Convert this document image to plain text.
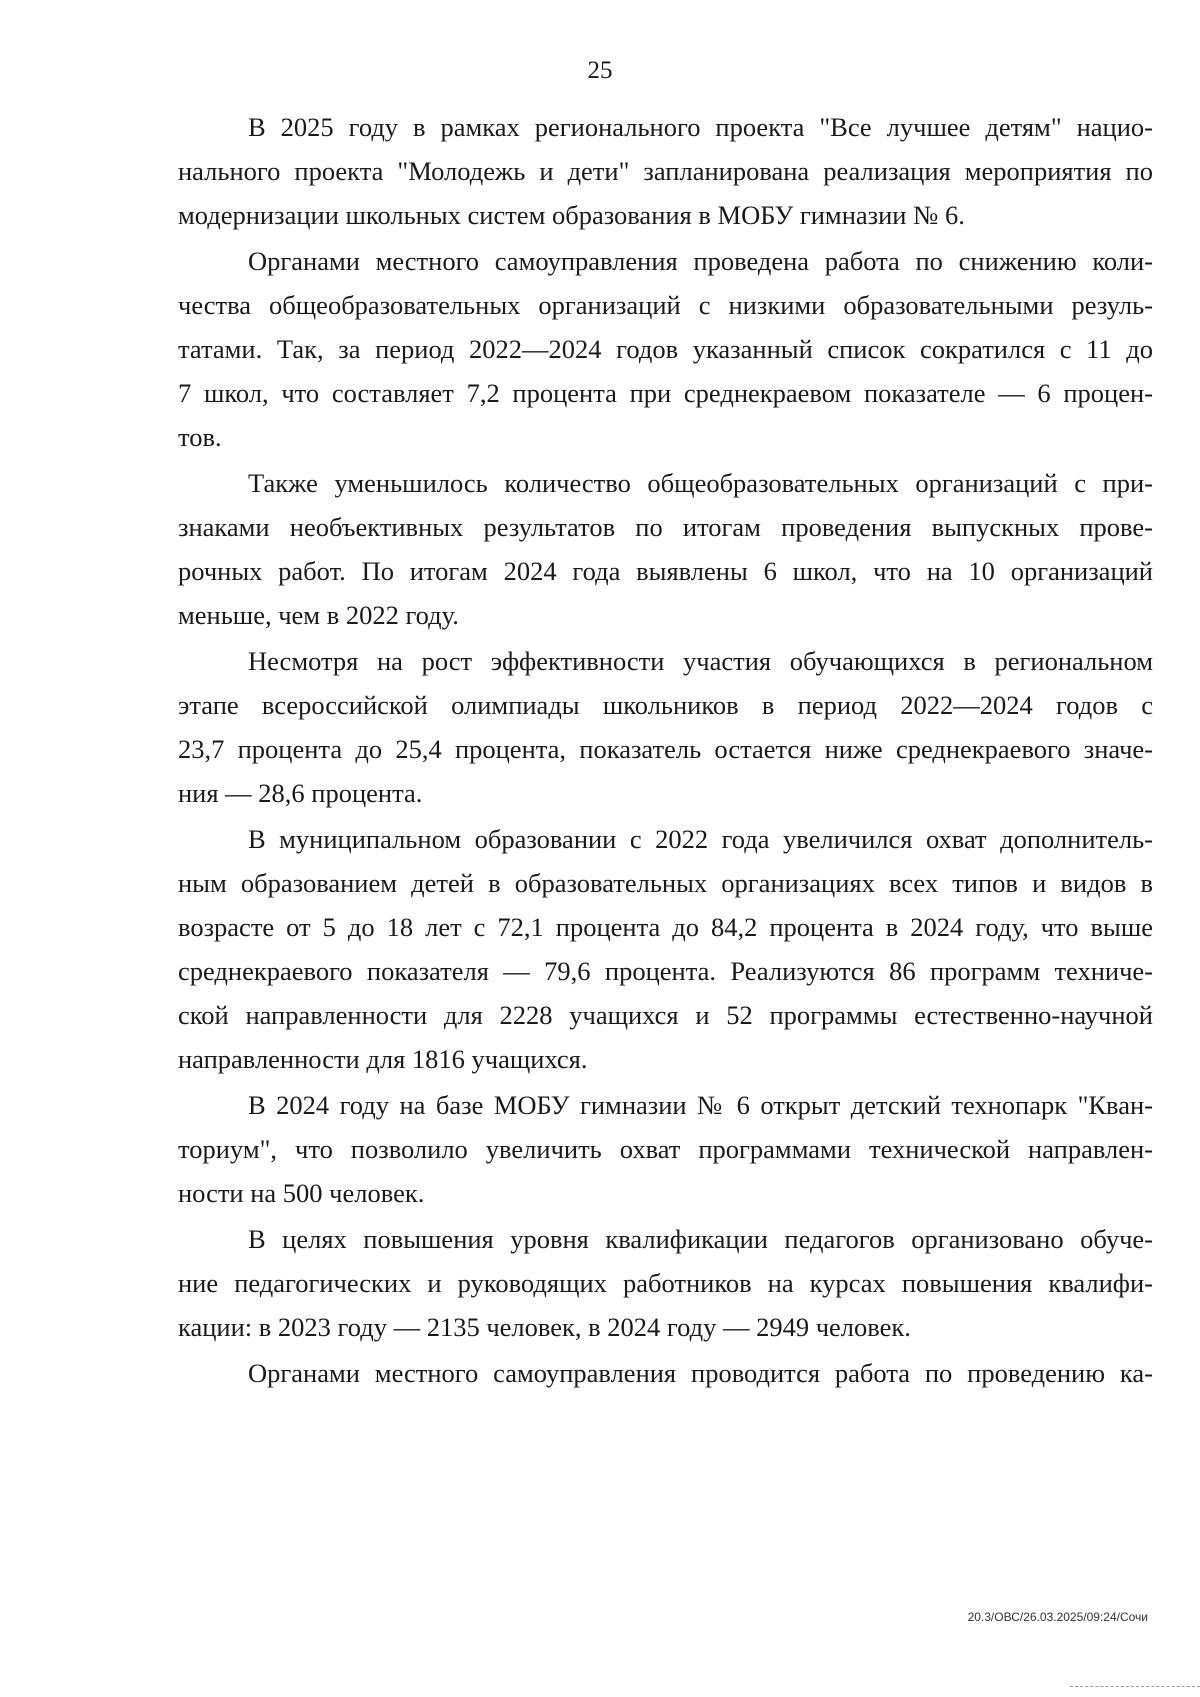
25
В 2025 году в рамках регионального проекта "Все лучшее детям" нацио-
нального проекта "Молодежь и дети" запланирована реализация мероприятия по
модернизации школьных систем образования в МОБУ гимназии № 6.
Органами местного самоуправления проведена работа по снижению коли-
чества общеобразовательных организаций с низкими образовательными резуль-
татами. Так, за период 2022—2024 годов указанный список сократился с 11 до
7 школ, что составляет 7,2 процента при среднекраевом показателе — 6 процен-
тов.
Также уменьшилось количество общеобразовательных организаций с при-
знаками необъективных результатов по итогам проведения выпускных прове-
рочных работ. По итогам 2024 года выявлены 6 школ, что на 10 организаций
меньше, чем в 2022 году.
Несмотря на рост эффективности участия обучающихся в региональном
этапе всероссийской олимпиады школьников в период 2022—2024 годов с
23,7 процента до 25,4 процента, показатель остается ниже среднекраевого значе-
ния — 28,6 процента.
В муниципальном образовании с 2022 года увеличился охват дополнитель-
ным образованием детей в образовательных организациях всех типов и видов в
возрасте от 5 до 18 лет с 72,1 процента до 84,2 процента в 2024 году, что выше
среднекраевого показателя — 79,6 процента. Реализуются 86 программ техниче-
ской направленности для 2228 учащихся и 52 программы естественно-научной
направленности для 1816 учащихся.
В 2024 году на базе МОБУ гимназии № 6 открыт детский технопарк "Кван-
ториум", что позволило увеличить охват программами технической направлен-
ности на 500 человек.
В целях повышения уровня квалификации педагогов организовано обуче-
ние педагогических и руководящих работников на курсах повышения квалифи-
кации: в 2023 году — 2135 человек, в 2024 году — 2949 человек.
Органами местного самоуправления проводится работа по проведению ка-
20.3/ОВС/26.03.2025/09:24/Сочи
